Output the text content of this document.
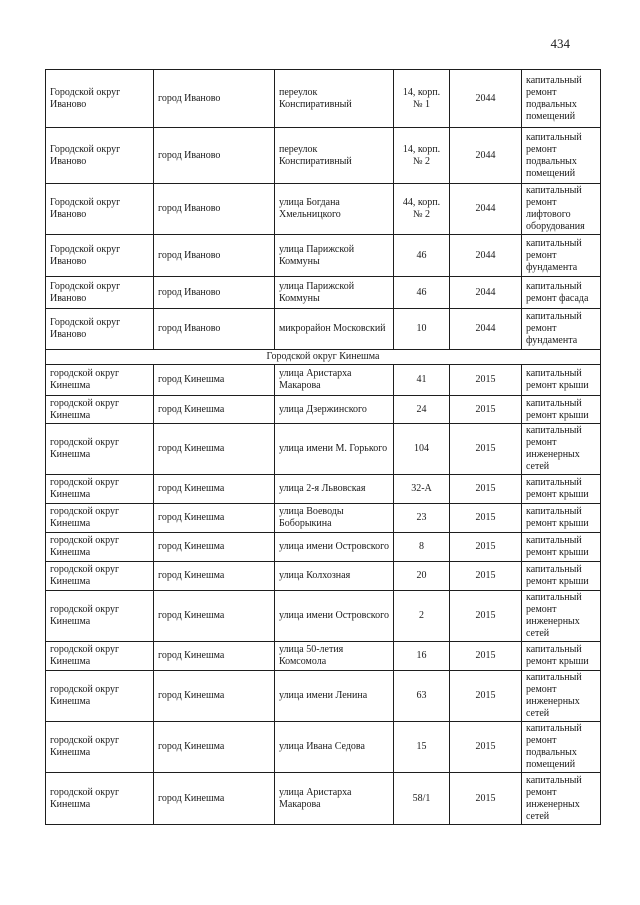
434
Городской округ Иваново	город Иваново	переулок Конспиративный	14, корп. № 1	2044	капитальный ремонт подвальных помещений
Городской округ Иваново	город Иваново	переулок Конспиративный	14, корп. № 2	2044	капитальный ремонт подвальных помещений
Городской округ Иваново	город Иваново	улица Богдана Хмельницкого	44, корп. № 2	2044	капитальный ремонт лифтового оборудования
Городской округ Иваново	город Иваново	улица Парижской Коммуны	46	2044	капитальный ремонт фундамента
Городской округ Иваново	город Иваново	улица Парижской Коммуны	46	2044	капитальный ремонт фасада
Городской округ Иваново	город Иваново	микрорайон Московский	10	2044	капитальный ремонт фундамента
Городской округ Кинешма					
городской округ Кинешма	город Кинешма	улица Аристарха Макарова	41	2015	капитальный ремонт крыши
городской округ Кинешма	город Кинешма	улица Дзержинского	24	2015	капитальный ремонт крыши
городской округ Кинешма	город Кинешма	улица имени М. Горького	104	2015	капитальный ремонт инженерных сетей
городской округ Кинешма	город Кинешма	улица 2-я Львовская	32-А	2015	капитальный ремонт крыши
городской округ Кинешма	город Кинешма	улица Воеводы Боборыкина	23	2015	капитальный ремонт крыши
городской округ Кинешма	город Кинешма	улица имени Островского	8	2015	капитальный ремонт крыши
городской округ Кинешма	город Кинешма	улица Колхозная	20	2015	капитальный ремонт крыши
городской округ Кинешма	город Кинешма	улица имени Островского	2	2015	капитальный ремонт инженерных сетей
городской округ Кинешма	город Кинешма	улица 50-летия Комсомола	16	2015	капитальный ремонт крыши
городской округ Кинешма	город Кинешма	улица имени Ленина	63	2015	капитальный ремонт инженерных сетей
городской округ Кинешма	город Кинешма	улица Ивана Седова	15	2015	капитальный ремонт подвальных помещений
городской округ Кинешма	город Кинешма	улица Аристарха Макарова	58/1	2015	капитальный ремонт инженерных сетей
